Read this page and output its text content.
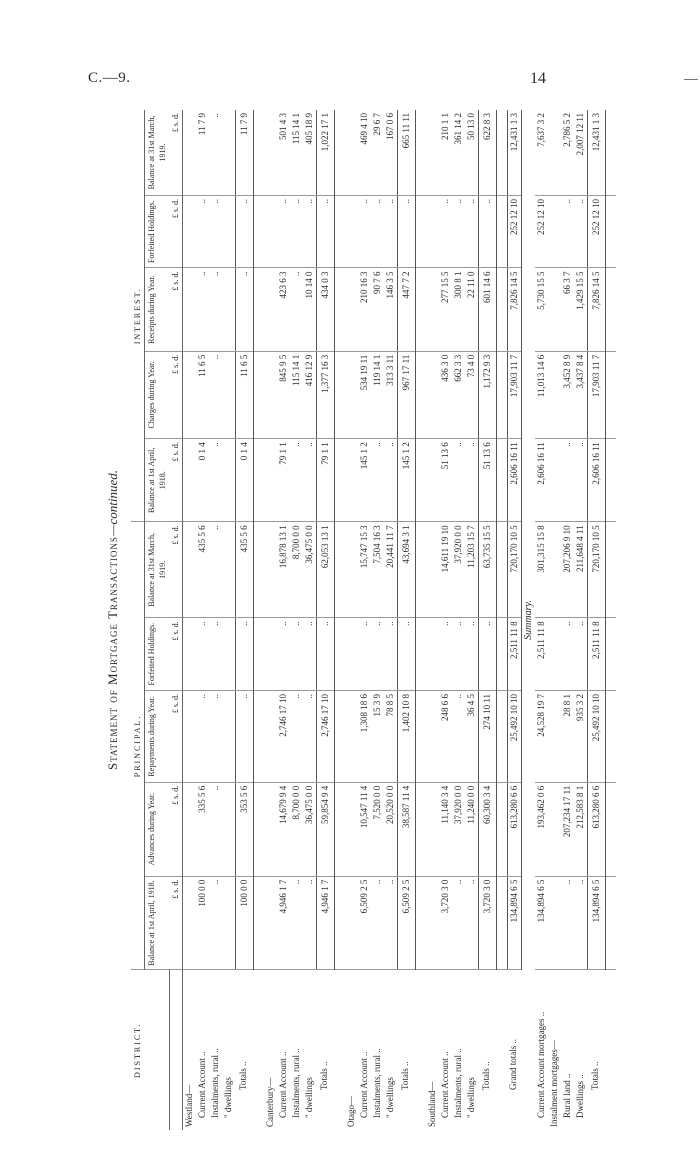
C.—9.	14
Statement of Mortgage Transactions—continued.
DISTRICT.	PRINCIPAL.					INTEREST.				
	Balance at 1st April, 1918.	Advances during Year.	Repayments during Year.	Forfeited Holdings.	Balance at 31st March, 1919.	Balance at 1st April, 1918.	Charges during Year.	Receipts during Year.	Forfeited Holdings.	Balance at 31st March, 1919.
	£ s. d.	£ s. d.	£ s. d.	£ s. d.	£ s. d.	£ s. d.	£ s. d.	£ s. d.	£ s. d.	£ s. d.
Westland—										
Current Account ..	100 0 0	335 5 6	..	..	435 5 6	0 1 4	11 6 5	..	..	11 7 9
Instalments, rural ..	..	..	..	..	..	..	..	..	..	..
" dwellings										
Totals ..	100 0 0	353 5 6	..	..	435 5 6	0 1 4	11 6 5	..	..	11 7 9

Canterbury—										
Current Account ..	4,946 1 7	14,679 9 4	2,746 17 10	..	16,878 13 1	79 1 1	845 9 5	423 6 3	..	501 4 3
Instalments, rural ..	..	8,700 0 0	..	..	8,700 0 0	..	115 14 1	..	..	115 14 1
" dwellings	..	36,475 0 0	..	..	36,475 0 0	..	416 12 9	10 14 0	..	405 18 9
Totals ..	4,946 1 7	59,854 9 4	2,746 17 10	..	62,053 13 1	79 1 1	1,377 16 3	434 0 3	..	1,022 17 1

Otago—										
Current Account ..	6,509 2 5	10,547 11 4	1,308 18 6	..	15,747 15 3	145 1 2	534 19 11	210 16 3	..	469 4 10
Instalments, rural ..	..	7,520 0 0	15 3 9	..	7,504 16 3	..	119 14 1	90 7 6	..	29 6 7
" dwellings	..	20,520 0 0	78 8 5	..	20,441 11 7	..	313 3 11	146 3 5	..	167 0 6
Totals ..	6,509 2 5	38,587 11 4	1,402 10 8	..	43,694 3 1	145 1 2	967 17 11	447 7 2	..	665 11 11

Southland—										
Current Account ..	3,720 3 0	11,140 3 4	248 6 6	..	14,611 19 10	51 13 6	436 3 0	277 15 5	..	210 1 1
Instalments, rural ..	..	37,920 0 0	..	..	37,920 0 0	..	662 3 3	300 8 1	..	361 14 2
" dwellings	..	11,240 0 0	36 4 5	..	11,203 15 7	..	73 4 0	22 11 0	..	50 13 0
Totals ..	3,720 3 0	60,300 3 4	274 10 11	..	63,735 15 5	51 13 6	1,172 9 3	601 14 6	..	622 8 3

Grand totals ..	134,894 6 5	613,280 6 6	25,492 10 10	2,511 11 8	720,170 10 5	2,606 16 11	17,903 11 7	7,826 14 5	252 12 10	12,431 1 3
Summary.										
Current Account mortgages ..	134,894 6 5	193,462 0 6	24,528 19 7	2,511 11 8	301,315 15 8	2,606 16 11	11,013 14 6	5,730 15 5	252 12 10	7,637 3 2
Instalment mortgages—										
Rural land ..	..	207,234 17 11	28 8 1	..	207,206 9 10	..	3,452 8 9	66 3 7	..	2,786 5 2
Dwellings ..	..	212,583 8 1	935 3 2	..	211,648 4 11	..	3,437 8 4	1,429 15 5	..	2,007 12 11
Totals ..	134,894 6 5	613,280 6 6	25,492 10 10	2,511 11 8	720,170 10 5	2,606 16 11	17,903 11 7	7,826 14 5	252 12 10	12,431 1 3
